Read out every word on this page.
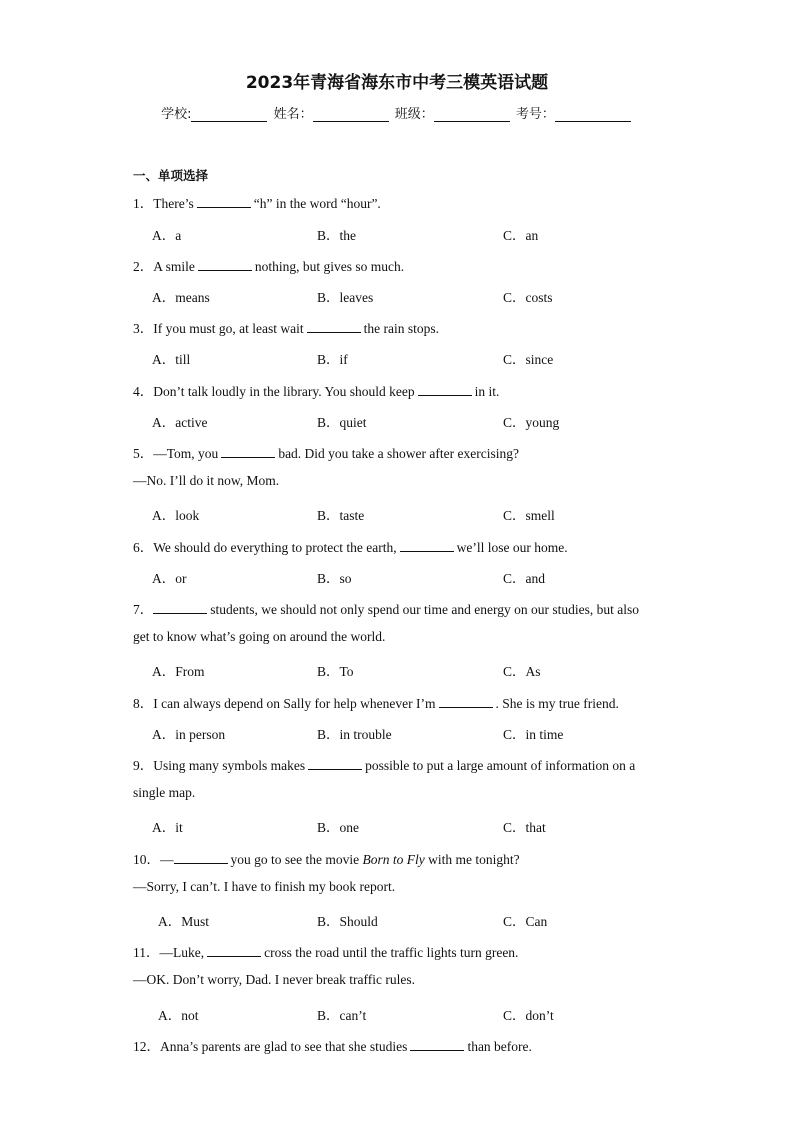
2023年青海省海东市中考三模英语试题
学校:	姓名：	班级：	考号：
一、单项选择
1．There’s	“h” in the word “hour”.
A．a	B．the	C．an
2．A smile	nothing, but gives so much.
A．means	B．leaves	C．costs
3．If you must go, at least wait	the rain stops.
A．till	B．if	C．since
4．Don’t talk loudly in the library. You should keep	in it.
A．active	B．quiet	C．young
5．—Tom, you	bad. Did you take a shower after exercising?
—No. I’ll do it now, Mom.
A．look	B．taste	C．smell
6．We should do everything to protect the earth,	we’ll lose our home.
A．or	B．so	C．and
7．	students, we should not only spend our time and energy on our studies, but also
get to know what’s going on around the world.
A．From	B．To	C．As
8．I can always depend on Sally for help whenever I’m	. She is my true friend.
A．in person	B．in trouble	C．in time
9．Using many symbols makes	possible to put a large amount of information on a
single map.
A．it	B．one	C．that
10．—	you go to see the movie Born to Fly with me tonight?
—Sorry, I can’t. I have to finish my book report.
A．Must	B．Should	C．Can
11．—Luke,	cross the road until the traffic lights turn green.
—OK. Don’t worry, Dad. I never break traffic rules.
A．not	B．can’t	C．don’t
12．Anna’s parents are glad to see that she studies	than before.
